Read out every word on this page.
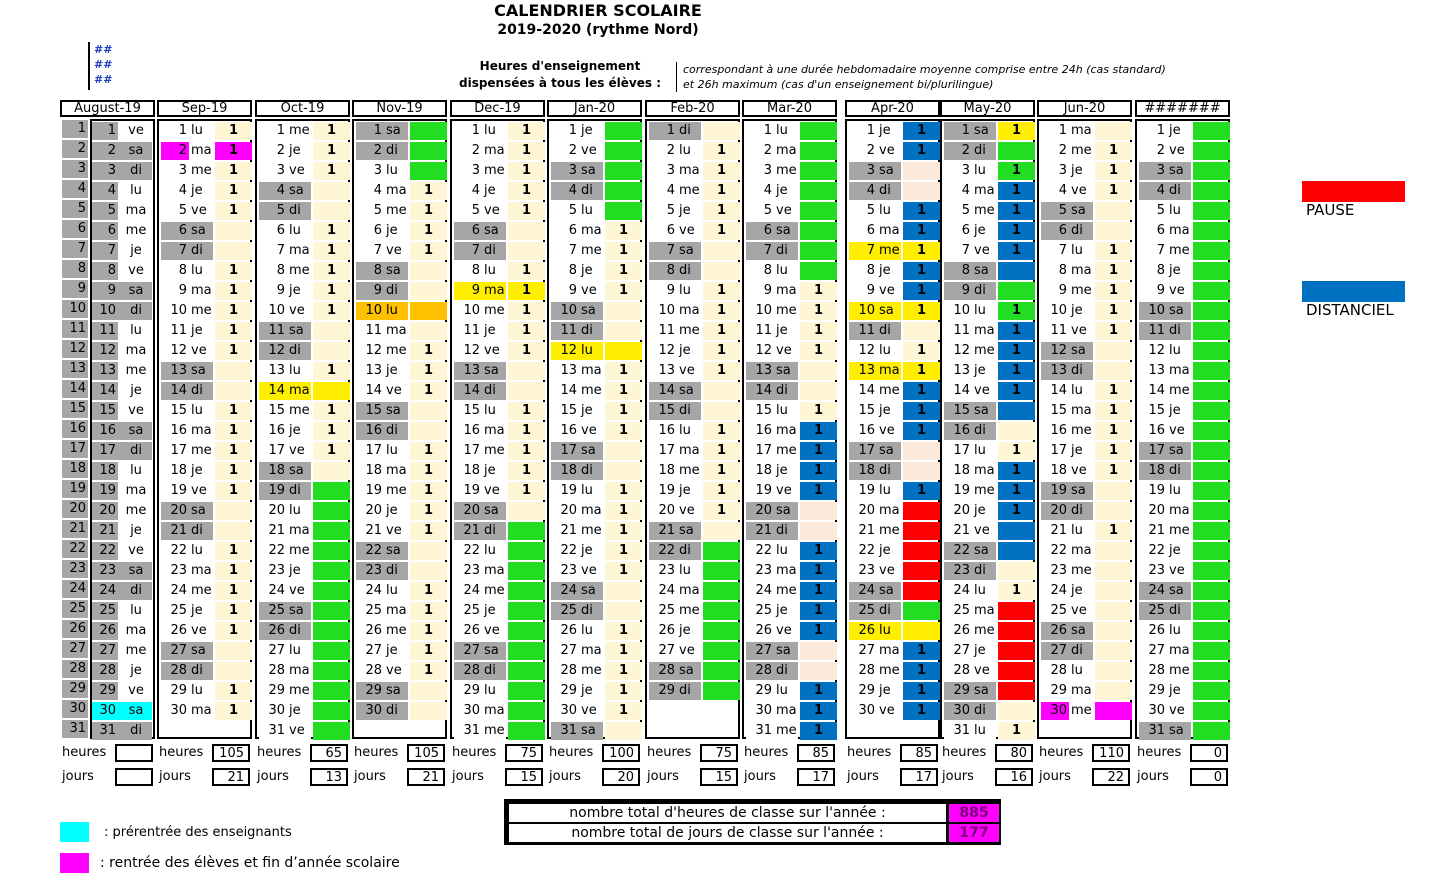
CALENDRIER SCOLAIRE
2019-2020 (rythme Nord)
##
##
##
Heures d'enseignement
dispensées à tous les élèves :
correspondant à une durée hebdomadaire moyenne comprise entre 24h (cas standard)
et 26h maximum (cas d'un enseignement bi/plurilingue)
1
2
3
4
5
6
7
8
9
10
11
12
13
14
15
16
17
18
19
20
21
22
23
24
25
26
27
28
29
30
31
August-19
1 ve
2 sa
3	di
4	lu
5 ma
6 me
7	je
8 ve
9 sa
10	di
11	lu
12 ma
13 me
14	je
15 ve
16 sa
17	di
18	lu
19 ma
20 me
21	je
22 ve
23 sa
24	di
25	lu
26 ma
27 me
28	je
29 ve
30 sa
31	di
heures
jours
Sep-19
1 lu	1
2 ma	1
3 me	1
4 je	1
5 ve	1
6 sa
7 di
8 lu	1
9 ma	1
10 me	1
11 je	1
12 ve	1
13 sa
14 di
15 lu	1
16 ma	1
17 me	1
18 je	1
19 ve	1
20 sa
21 di
22 lu	1
23 ma	1
24 me	1
25 je	1
26 ve	1
27 sa
28 di
29 lu	1
30 ma	1
heures	105
jours	21
Oct-19
1 me	1
2 je	1
3 ve	1
4 sa
5 di
6 lu	1
7 ma	1
8 me	1
9 je	1
10 ve	1
11 sa
12 di
13 lu	1
14 ma
15 me	1
16 je	1
17 ve	1
18 sa
19 di
20 lu
21 ma
22 me
23 je
24 ve
25 sa
26 di
27 lu
28 ma
29 me
30 je
31 ve
heures	65
jours	13
Nov-19
1 sa
2 di
3 lu
4 ma	1
5 me	1
6 je	1
7 ve	1
8 sa
9 di
10 lu
11 ma
12 me	1
13 je	1
14 ve	1
15 sa
16 di
17 lu	1
18 ma	1
19 me	1
20 je	1
21 ve	1
22 sa
23 di
24 lu	1
25 ma	1
26 me	1
27 je	1
28 ve	1
29 sa
30 di
heures	105
jours	21
Dec-19
1 lu	1
2 ma	1
3 me	1
4 je	1
5 ve	1
6 sa
7 di
8 lu	1
9 ma	1
10 me	1
11 je	1
12 ve	1
13 sa
14 di
15 lu	1
16 ma	1
17 me	1
18 je	1
19 ve	1
20 sa
21 di
22 lu
23 ma
24 me
25 je
26 ve
27 sa
28 di
29 lu
30 ma
31 me
heures	75
jours	15
Jan-20
1 je
2 ve
3 sa
4 di
5 lu
6 ma	1
7 me	1
8 je	1
9 ve	1
10 sa
11 di
12 lu
13 ma	1
14 me	1
15 je	1
16 ve	1
17 sa
18 di
19 lu	1
20 ma	1
21 me	1
22 je	1
23 ve	1
24 sa
25 di
26 lu	1
27 ma	1
28 me	1
29 je	1
30 ve	1
31 sa
heures	100
jours	20
Feb-20
1 di
2 lu	1
3 ma	1
4 me	1
5 je	1
6 ve	1
7 sa
8 di
9 lu	1
10 ma	1
11 me	1
12 je	1
13 ve	1
14 sa
15 di
16 lu	1
17 ma	1
18 me	1
19 je	1
20 ve	1
21 sa
22 di
23 lu
24 ma
25 me
26 je
27 ve
28 sa
29 di
heures	75
jours	15
Mar-20
1 lu
2 ma
3 me
4 je
5 ve
6 sa
7 di
8 lu
9 ma	1
10 me	1
11 je	1
12 ve	1
13 sa
14 di
15 lu	1
16 ma	1
17 me	1
18 je	1
19 ve	1
20 sa
21 di
22 lu	1
23 ma	1
24 me	1
25 je	1
26 ve	1
27 sa
28 di
29 lu	1
30 ma	1
31 me	1
heures	85
jours	17
Apr-20
1 je	1
2 ve	1
3 sa
4 di
5 lu	1
6 ma	1
7 me	1
8 je	1
9 ve	1
10 sa	1
11 di
12 lu	1
13 ma	1
14 me	1
15 je	1
16 ve	1
17 sa
18 di
19 lu	1
20 ma
21 me
22 je
23 ve
24 sa
25 di
26 lu
27 ma	1
28 me	1
29 je	1
30 ve	1
heures	85
jours	17
May-20
1 sa	1
2 di
3 lu	1
4 ma	1
5 me	1
6 je	1
7 ve	1
8 sa
9 di
10 lu	1
11 ma	1
12 me	1
13 je	1
14 ve	1
15 sa
16 di
17 lu	1
18 ma	1
19 me	1
20 je	1
21 ve
22 sa
23 di
24 lu	1
25 ma
26 me
27 je
28 ve
29 sa
30 di
31 lu	1
heures	80
jours	16
Jun-20
1 ma
2 me	1
3 je	1
4 ve	1
5 sa
6 di
7 lu	1
8 ma	1
9 me	1
10 je	1
11 ve	1
12 sa
13 di
14 lu	1
15 ma	1
16 me	1
17 je	1
18 ve	1
19 sa
20 di
21 lu	1
22 ma
23 me
24 je
25 ve
26 sa
27 di
28 lu
29 ma
30 me
heures	110
jours	22
#######
1 je
2 ve
3 sa
4 di
5 lu
6 ma
7 me
8 je
9 ve
10 sa
11 di
12 lu
13 ma
14 me
15 je
16 ve
17 sa
18 di
19 lu
20 ma
21 me
22 je
23 ve
24 sa
25 di
26 lu
27 ma
28 me
29 je
30 ve
31 sa
heures	0
jours	0
nombre total d'heures de classe sur l'année :	885
nombre total de jours de classe sur l'année :	177
PAUSE
DISTANCIEL
: prérentrée des enseignants
: rentrée des élèves et fin d’année scolaire
